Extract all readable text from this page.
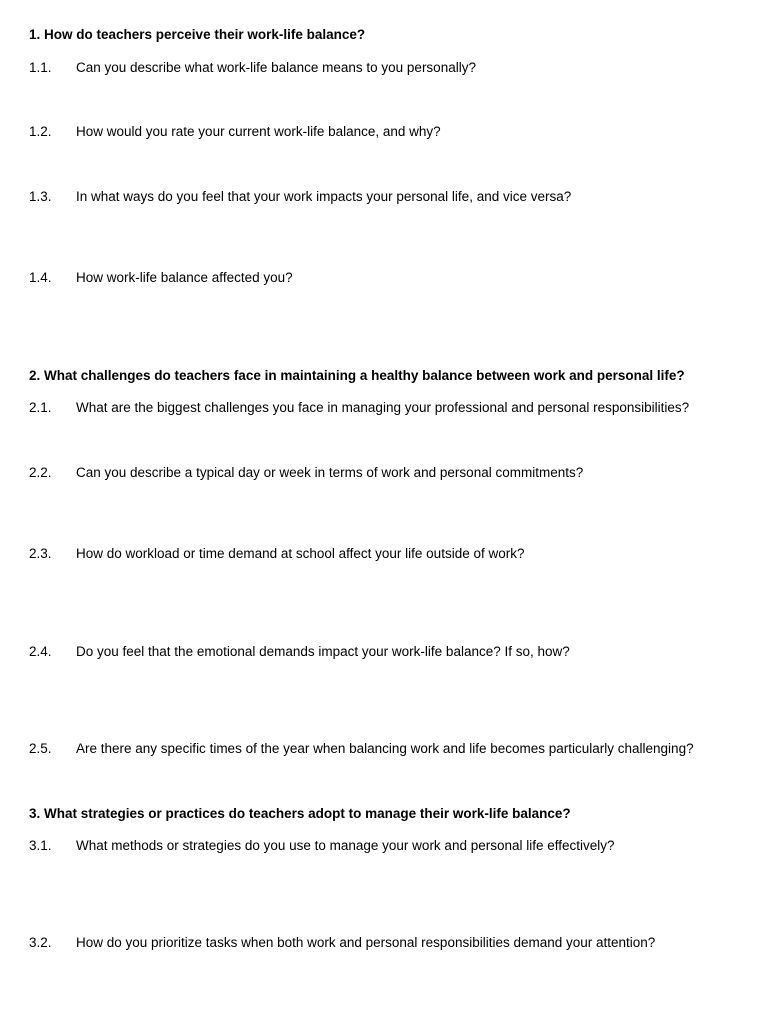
1. How do teachers perceive their work-life balance?
1.1. Can you describe what work-life balance means to you personally?
1.2. How would you rate your current work-life balance, and why?
1.3. In what ways do you feel that your work impacts your personal life, and vice versa?
1.4. How work-life balance affected you?
2. What challenges do teachers face in maintaining a healthy balance between work and personal life?
2.1. What are the biggest challenges you face in managing your professional and personal responsibilities?
2.2. Can you describe a typical day or week in terms of work and personal commitments?
2.3. How do workload or time demand at school affect your life outside of work?
2.4. Do you feel that the emotional demands impact your work-life balance? If so, how?
2.5. Are there any specific times of the year when balancing work and life becomes particularly challenging?
3. What strategies or practices do teachers adopt to manage their work-life balance?
3.1. What methods or strategies do you use to manage your work and personal life effectively?
3.2. How do you prioritize tasks when both work and personal responsibilities demand your attention?
